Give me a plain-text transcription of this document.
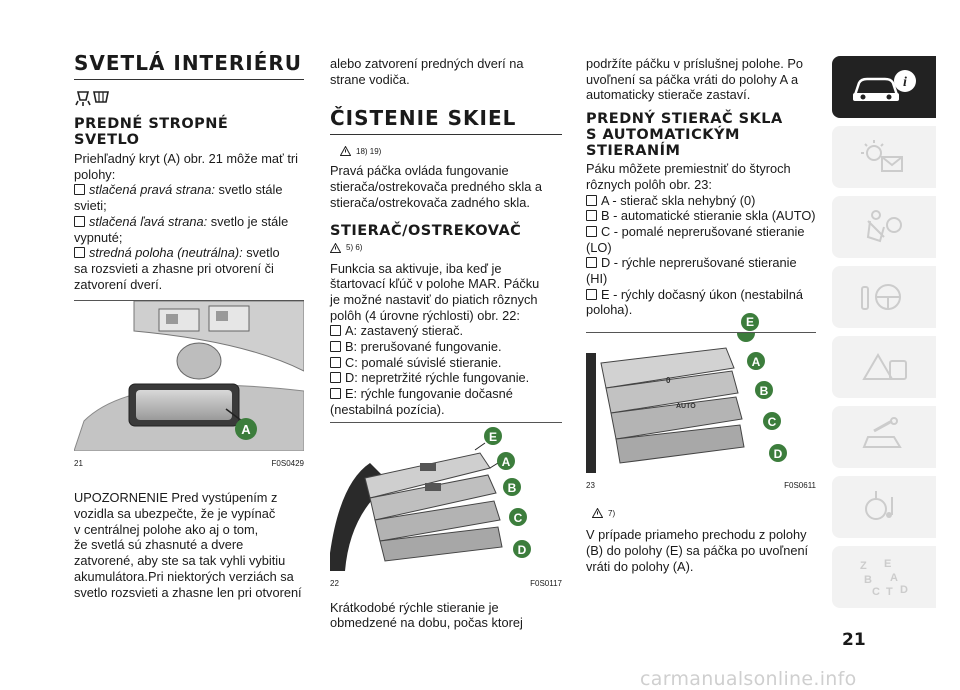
SVETLÁ INTERIÉRU
PREDNÉ STROPNÉ
SVETLO

Priehľadný kryt (A) obr. 21 môže mať tri

polohy:

stlačená pravá strana: svetlo stále

svieti;

stlačená ľavá strana: svetlo je stále

vypnuté;

stredná poloha (neutrálna): svetlo

sa rozsvieti a zhasne pri otvorení či

zatvorení dverí.

A
21	F0S0429

UPOZORNENIE Pred vystúpením z

vozidla sa ubezpečte, že je vypínač

v centrálnej polohe ako aj o tom,

že svetlá sú zhasnuté a dvere

zatvorené, aby ste sa tak vyhli vybitiu

akumulátora.Pri niektorých verziách sa

svetlo rozsvieti a zhasne len pri otvorení

alebo zatvorení predných dverí na

strane vodiča.

ČISTENIE SKIEL
18) 19)

Pravá páčka ovláda fungovanie

stierača/ostrekovača predného skla a

stierača/ostrekovača zadného skla.

STIERAČ/OSTREKOVAČ
5) 6)

Funkcia sa aktivuje, iba keď je

štartovací kľúč v polohe MAR. Páčku

je možné nastaviť do piatich rôznych

polôh (4 úrovne rýchlosti) obr. 22:

A: zastavený stierač.
B: prerušované fungovanie.
C: pomalé súvislé stieranie.
D: nepretržité rýchle fungovanie.
E: rýchle fungovanie dočasné

(nestabilná pozícia).

E
A
B
C
D
22	F0S0117

Krátkodobé rýchle stieranie je

obmedzené na dobu, počas ktorej

podržíte páčku v príslušnej polohe. Po

uvoľnení sa páčka vráti do polohy A a

automaticky stierače zastaví.

PREDNÝ STIERAČ SKLA
S AUTOMATICKÝM
STIERANÍM

Páku môžete premiestniť do štyroch

rôznych polôh obr. 23:

A - stierač skla nehybný (0)
B - automatické stieranie skla (AUTO)
C - pomalé neprerušované stieranie

(LO)

D - rýchle neprerušované stieranie

(HI)

E - rýchly dočasný úkon (nestabilná

poloha).

0
AUTO
A
B
C
D
23	F0S0611
E
7)

V prípade priameho prechodu z polohy

(B) do polohy (E) sa páčka po uvoľnení

vráti do polohy (A).

i
Z E
B A
C T D
21
carmanualsonline.info
